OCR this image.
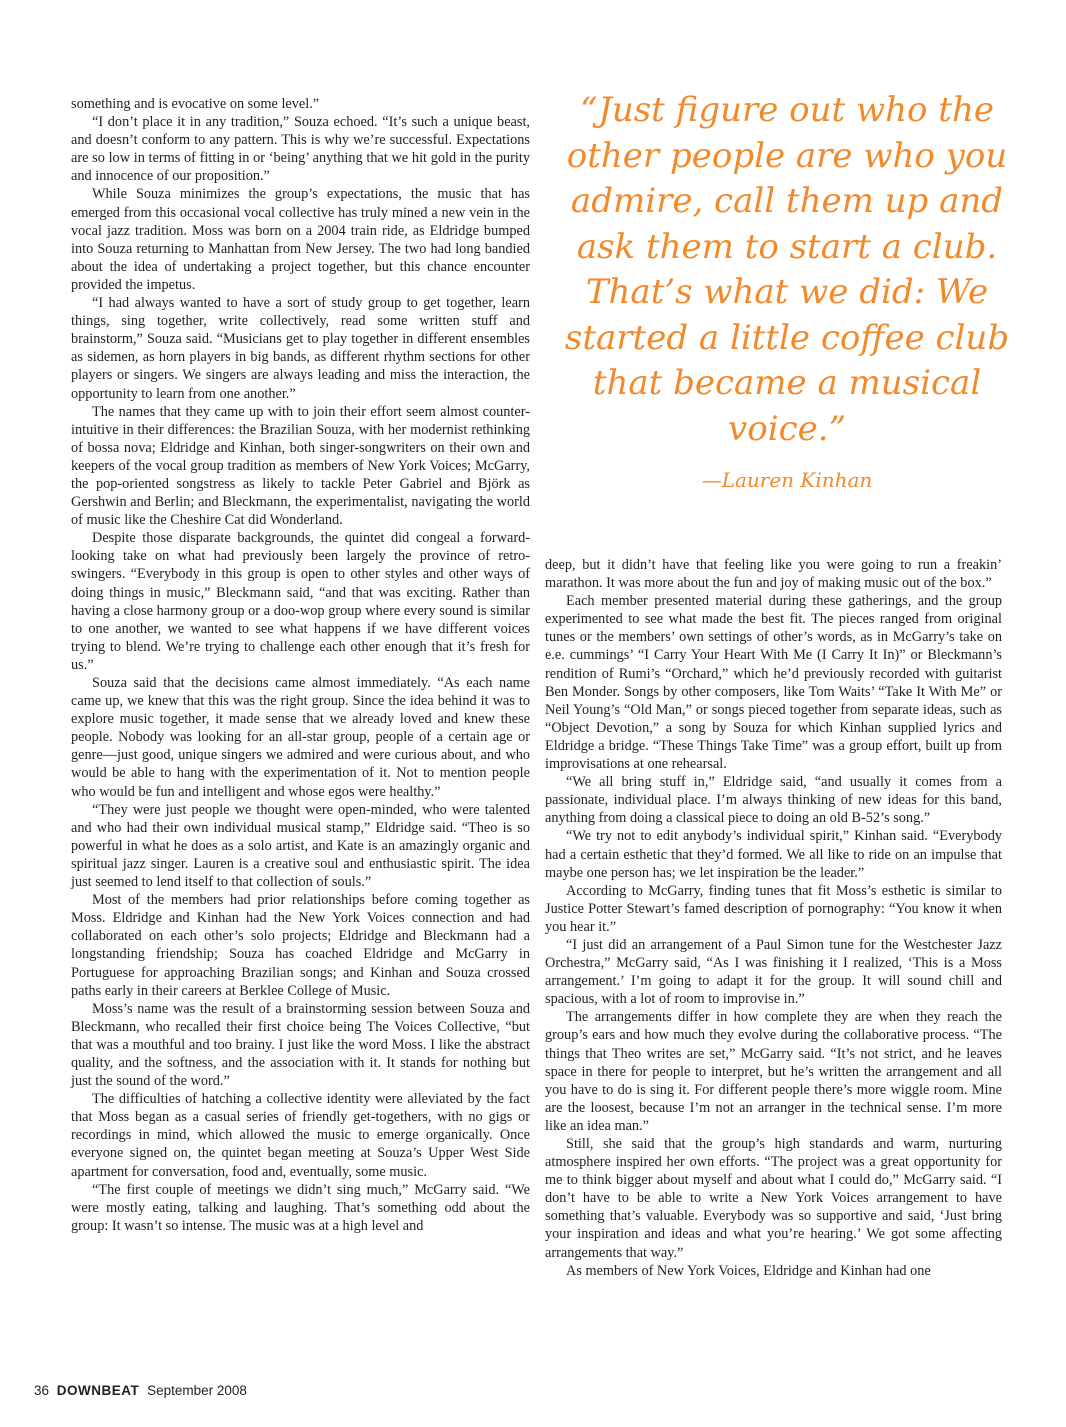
something and is evocative on some level.”

“I don’t place it in any tradition,” Souza echoed. “It’s such a unique beast, and doesn’t conform to any pattern. This is why we’re successful. Expectations are so low in terms of fitting in or ‘being’ anything that we hit gold in the purity and innocence of our proposition.”

While Souza minimizes the group’s expectations, the music that has emerged from this occasional vocal collective has truly mined a new vein in the vocal jazz tradition. Moss was born on a 2004 train ride, as Eldridge bumped into Souza returning to Manhattan from New Jersey. The two had long bandied about the idea of undertaking a project together, but this chance encounter provided the impetus.

“I had always wanted to have a sort of study group to get together, learn things, sing together, write collectively, read some written stuff and brainstorm,” Souza said. “Musicians get to play together in different ensembles as sidemen, as horn players in big bands, as different rhythm sections for other players or singers. We singers are always leading and miss the interaction, the opportunity to learn from one another.”

The names that they came up with to join their effort seem almost counter-intuitive in their differences: the Brazilian Souza, with her modernist rethinking of bossa nova; Eldridge and Kinhan, both singer-songwriters on their own and keepers of the vocal group tradition as members of New York Voices; McGarry, the pop-oriented songstress as likely to tackle Peter Gabriel and Björk as Gershwin and Berlin; and Bleckmann, the experimentalist, navigating the world of music like the Cheshire Cat did Wonderland.

Despite those disparate backgrounds, the quintet did congeal a forward-looking take on what had previously been largely the province of retro-swingers. “Everybody in this group is open to other styles and other ways of doing things in music,” Bleckmann said, “and that was exciting. Rather than having a close harmony group or a doo-wop group where every sound is similar to one another, we wanted to see what happens if we have different voices trying to blend. We’re trying to challenge each other enough that it’s fresh for us.”

Souza said that the decisions came almost immediately. “As each name came up, we knew that this was the right group. Since the idea behind it was to explore music together, it made sense that we already loved and knew these people. Nobody was looking for an all-star group, people of a certain age or genre—just good, unique singers we admired and were curious about, and who would be able to hang with the experimentation of it. Not to mention people who would be fun and intelligent and whose egos were healthy.”

“They were just people we thought were open-minded, who were talented and who had their own individual musical stamp,” Eldridge said. “Theo is so powerful in what he does as a solo artist, and Kate is an amazingly organic and spiritual jazz singer. Lauren is a creative soul and enthusiastic spirit. The idea just seemed to lend itself to that collection of souls.”

Most of the members had prior relationships before coming together as Moss. Eldridge and Kinhan had the New York Voices connection and had collaborated on each other’s solo projects; Eldridge and Bleckmann had a longstanding friendship; Souza has coached Eldridge and McGarry in Portuguese for approaching Brazilian songs; and Kinhan and Souza crossed paths early in their careers at Berklee College of Music.

Moss’s name was the result of a brainstorming session between Souza and Bleckmann, who recalled their first choice being The Voices Collective, “but that was a mouthful and too brainy. I just like the word Moss. I like the abstract quality, and the softness, and the association with it. It stands for nothing but just the sound of the word.”

The difficulties of hatching a collective identity were alleviated by the fact that Moss began as a casual series of friendly get-togethers, with no gigs or recordings in mind, which allowed the music to emerge organically. Once everyone signed on, the quintet began meeting at Souza’s Upper West Side apartment for conversation, food and, eventually, some music.

“The first couple of meetings we didn’t sing much,” McGarry said. “We were mostly eating, talking and laughing. That’s something odd about the group: It wasn’t so intense. The music was at a high level and

“Just figure out who the other people are who you admire, call them up and ask them to start a club. That’s what we did: We started a little coffee club that became a musical voice.”

—Lauren Kinhan

deep, but it didn’t have that feeling like you were going to run a freakin’ marathon. It was more about the fun and joy of making music out of the box.”

Each member presented material during these gatherings, and the group experimented to see what made the best fit. The pieces ranged from original tunes or the members’ own settings of other’s words, as in McGarry’s take on e.e. cummings’ “I Carry Your Heart With Me (I Carry It In)” or Bleckmann’s rendition of Rumi’s “Orchard,” which he’d previously recorded with guitarist Ben Monder. Songs by other composers, like Tom Waits’ “Take It With Me” or Neil Young’s “Old Man,” or songs pieced together from separate ideas, such as “Object Devotion,” a song by Souza for which Kinhan supplied lyrics and Eldridge a bridge. “These Things Take Time” was a group effort, built up from improvisations at one rehearsal.

“We all bring stuff in,” Eldridge said, “and usually it comes from a passionate, individual place. I’m always thinking of new ideas for this band, anything from doing a classical piece to doing an old B-52’s song.”

“We try not to edit anybody’s individual spirit,” Kinhan said. “Everybody had a certain esthetic that they’d formed. We all like to ride on an impulse that maybe one person has; we let inspiration be the leader.”

According to McGarry, finding tunes that fit Moss’s esthetic is similar to Justice Potter Stewart’s famed description of pornography: “You know it when you hear it.”

“I just did an arrangement of a Paul Simon tune for the Westchester Jazz Orchestra,” McGarry said, “As I was finishing it I realized, ‘This is a Moss arrangement.’ I’m going to adapt it for the group. It will sound chill and spacious, with a lot of room to improvise in.”

The arrangements differ in how complete they are when they reach the group’s ears and how much they evolve during the collaborative process. “The things that Theo writes are set,” McGarry said. “It’s not strict, and he leaves space in there for people to interpret, but he’s written the arrangement and all you have to do is sing it. For different people there’s more wiggle room. Mine are the loosest, because I’m not an arranger in the technical sense. I’m more like an idea man.”

Still, she said that the group’s high standards and warm, nurturing atmosphere inspired her own efforts. “The project was a great opportunity for me to think bigger about myself and about what I could do,” McGarry said. “I don’t have to be able to write a New York Voices arrangement to have something that’s valuable. Everybody was so supportive and said, ‘Just bring your inspiration and ideas and what you’re hearing.’ We got some affecting arrangements that way.”

As members of New York Voices, Eldridge and Kinhan had one

36 DOWNBEAT September 2008
